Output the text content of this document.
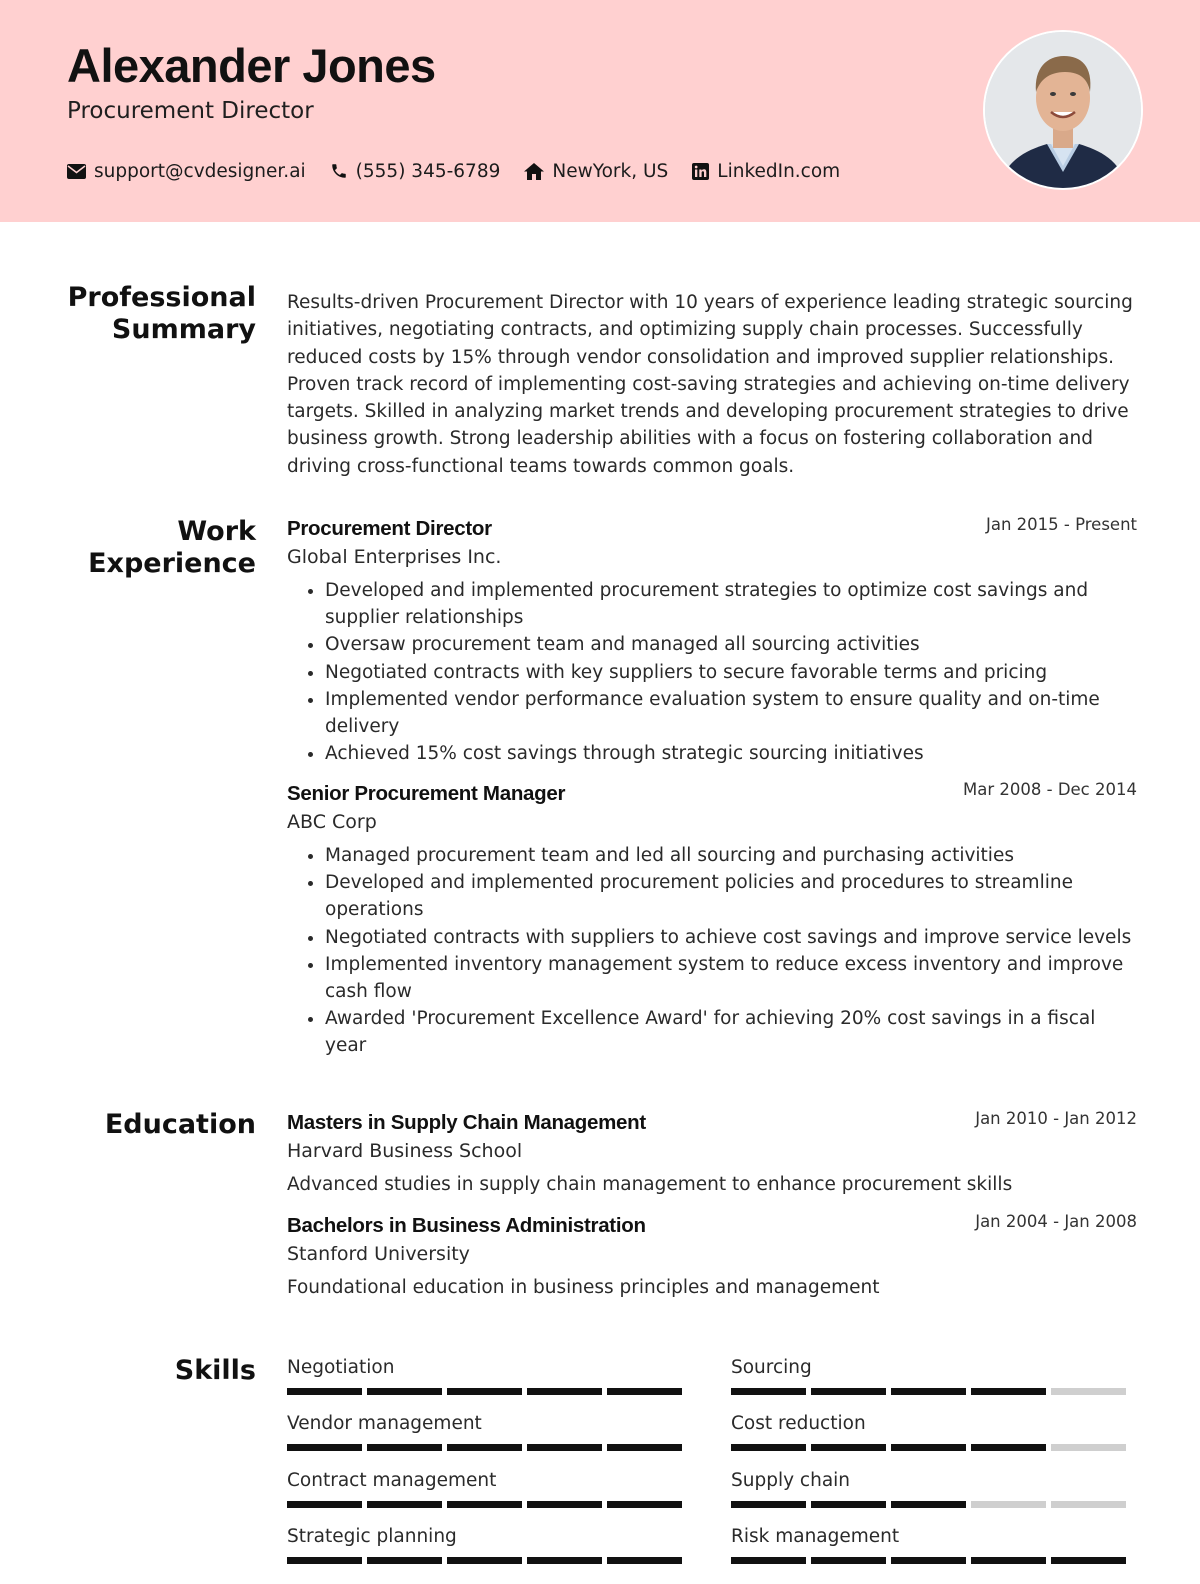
Alexander Jones
Procurement Director
support@cvdesigner.ai	(555) 345-6789	NewYork, US	LinkedIn.com
Professional
Summary

Results-driven Procurement Director with 10 years of experience leading strategic sourcing initiatives, negotiating contracts, and optimizing supply chain processes. Successfully reduced costs by 15% through vendor consolidation and improved supplier relationships. Proven track record of implementing cost-saving strategies and achieving on-time delivery targets. Skilled in analyzing market trends and developing procurement strategies to drive business growth. Strong leadership abilities with a focus on fostering collaboration and driving cross-functional teams towards common goals.

Work
Experience
Procurement Director	Jan 2015 - Present
Global Enterprises Inc.
• Developed and implemented procurement strategies to optimize cost savings and supplier relationships
• Oversaw procurement team and managed all sourcing activities
• Negotiated contracts with key suppliers to secure favorable terms and pricing
• Implemented vendor performance evaluation system to ensure quality and on-time delivery
• Achieved 15% cost savings through strategic sourcing initiatives
Senior Procurement Manager	Mar 2008 - Dec 2014
ABC Corp
• Managed procurement team and led all sourcing and purchasing activities
• Developed and implemented procurement policies and procedures to streamline operations
• Negotiated contracts with suppliers to achieve cost savings and improve service levels
• Implemented inventory management system to reduce excess inventory and improve cash flow
• Awarded 'Procurement Excellence Award' for achieving 20% cost savings in a fiscal year
Education Masters in Supply Chain Management	Jan 2010 - Jan 2012
Harvard Business School
Advanced studies in supply chain management to enhance procurement skills
Bachelors in Business Administration	Jan 2004 - Jan 2008
Stanford University
Foundational education in business principles and management
Skills Negotiation	Sourcing
Vendor management	Cost reduction
Contract management	Supply chain
Strategic planning	Risk management
